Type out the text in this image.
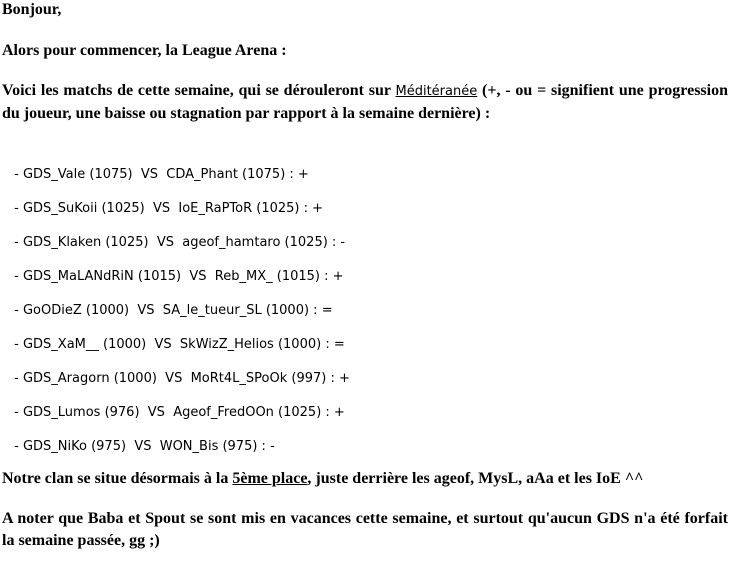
Bonjour,

Alors pour commencer, la League Arena :

Voici les matchs de cette semaine, qui se dérouleront sur Méditéranée (+, - ou = signifient une progression du joueur, une baisse ou stagnation par rapport à la semaine dernière) :

- GDS_Vale (1075)  VS  CDA_Phant (1075) : +
- GDS_SuKoii (1025)  VS  IoE_RaPToR (1025) : +
- GDS_Klaken (1025)  VS  ageof_hamtaro (1025) : -
- GDS_MaLANdRiN (1015)  VS  Reb_MX_ (1015) : +
- GoODieZ (1000)  VS  SA_le_tueur_SL (1000) : =
- GDS_XaM__ (1000)  VS  SkWizZ_Helios (1000) : =
- GDS_Aragorn (1000)  VS  MoRt4L_SPoOk (997) : +
- GDS_Lumos (976)  VS  Ageof_FredOOn (1025) : +
- GDS_NiKo (975)  VS  WON_Bis (975) : -

Notre clan se situe désormais à la 5ème place, juste derrière les ageof, MysL, aAa et les IoE ^^

A noter que Baba et Spout se sont mis en vacances cette semaine, et surtout qu'aucun GDS n'a été forfait la semaine passée, gg ;)
